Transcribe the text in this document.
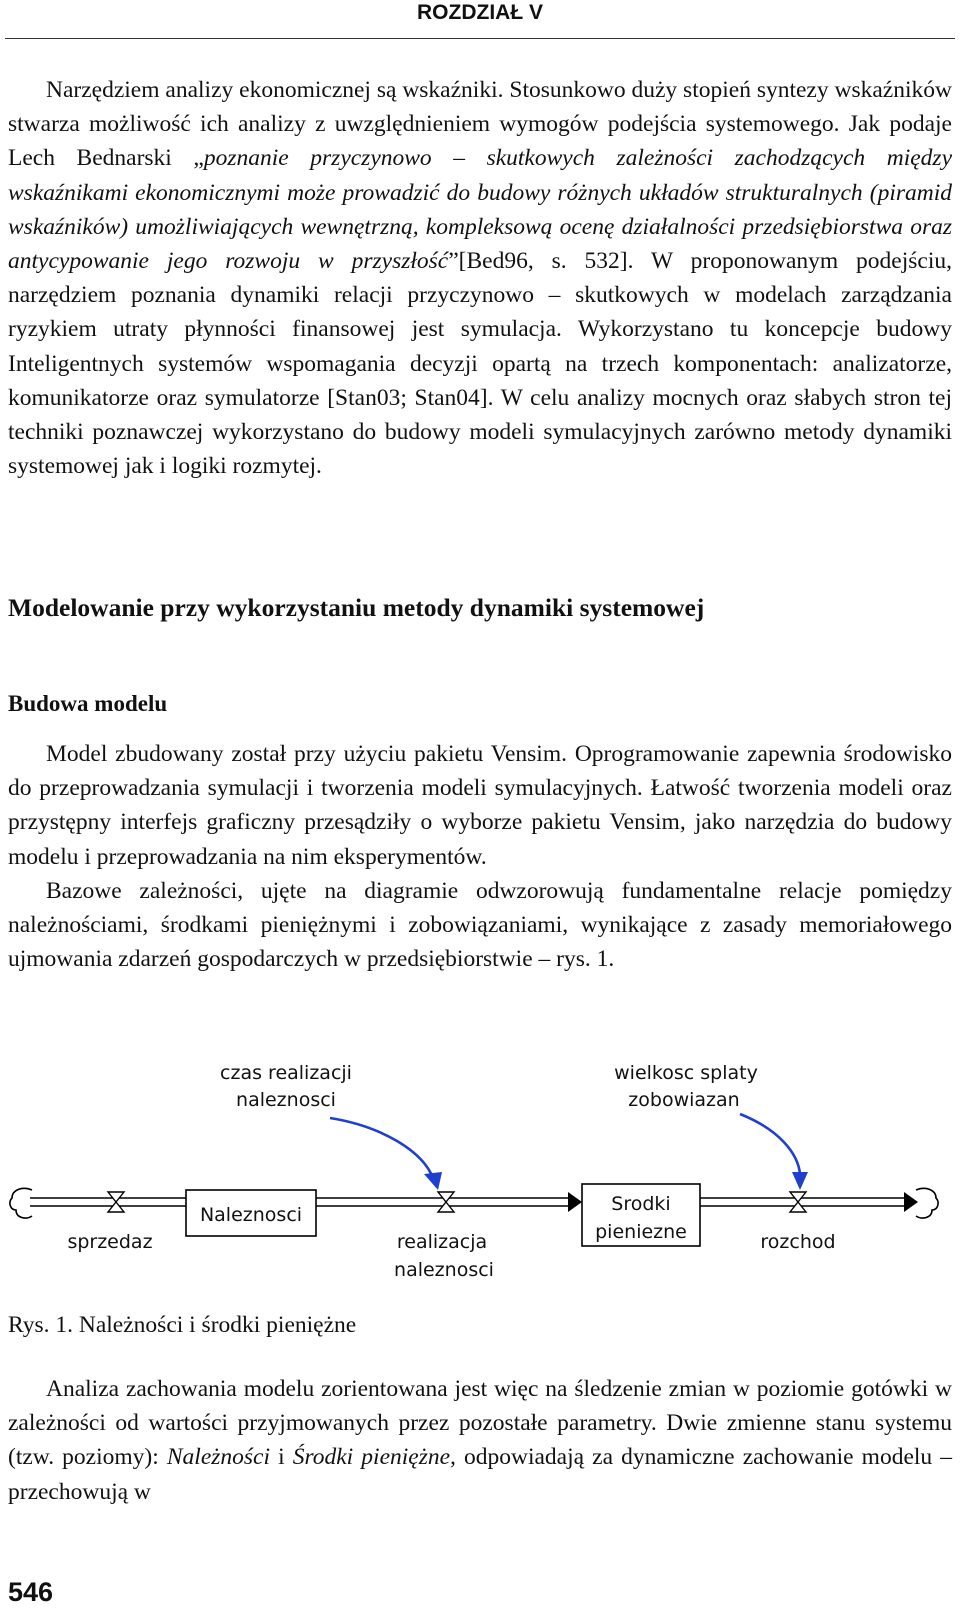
ROZDZIAŁ V

Narzędziem analizy ekonomicznej są wskaźniki. Stosunkowo duży stopień syntezy wskaźników stwarza możliwość ich analizy z uwzględnieniem wymogów podejścia systemowego. Jak podaje Lech Bednarski „poznanie przyczynowo – skutkowych zależności zachodzących między wskaźnikami ekonomicznymi może prowadzić do budowy różnych układów strukturalnych (piramid wskaźników) umożliwiających wewnętrzną, kompleksową ocenę działalności przedsiębiorstwa oraz antycypowanie jego rozwoju w przyszłość”[Bed96, s. 532]. W proponowanym podejściu, narzędziem poznania dynamiki relacji przyczynowo – skutkowych w modelach zarządzania ryzykiem utraty płynności finansowej jest symulacja. Wykorzystano tu koncepcje budowy Inteligentnych systemów wspomagania decyzji opartą na trzech komponentach: analizatorze, komunikatorze oraz symulatorze [Stan03; Stan04]. W celu analizy mocnych oraz słabych stron tej techniki poznawczej wykorzystano do budowy modeli symulacyjnych zarówno metody dynamiki systemowej jak i logiki rozmytej.

Modelowanie przy wykorzystaniu metody dynamiki systemowej
Budowa modelu

Model zbudowany został przy użyciu pakietu Vensim. Oprogramowanie zapewnia środowisko do przeprowadzania symulacji i tworzenia modeli symulacyjnych. Łatwość tworzenia modeli oraz przystępny interfejs graficzny przesądziły o wyborze pakietu Vensim, jako narzędzia do budowy modelu i przeprowadzania na nim eksperymentów.

Bazowe zależności, ujęte na diagramie odwzorowują fundamentalne relacje pomiędzy należnościami, środkami pieniężnymi i zobowiązaniami, wynikające z zasady memoriałowego ujmowania zdarzeń gospodarczych w przedsiębiorstwie – rys. 1.

Naleznosci	Srodki
pieniezne
sprzedaz	realizacja
naleznosci
rozchod
czas realizacji
naleznosci
wielkosc splaty
zobowiazan
Rys. 1. Należności i środki pieniężne

Analiza zachowania modelu zorientowana jest więc na śledzenie zmian w poziomie gotówki w zależności od wartości przyjmowanych przez pozostałe parametry. Dwie zmienne stanu systemu (tzw. poziomy): Należności i Środki pieniężne, odpowiadają za dynamiczne zachowanie modelu – przechowują w

546
